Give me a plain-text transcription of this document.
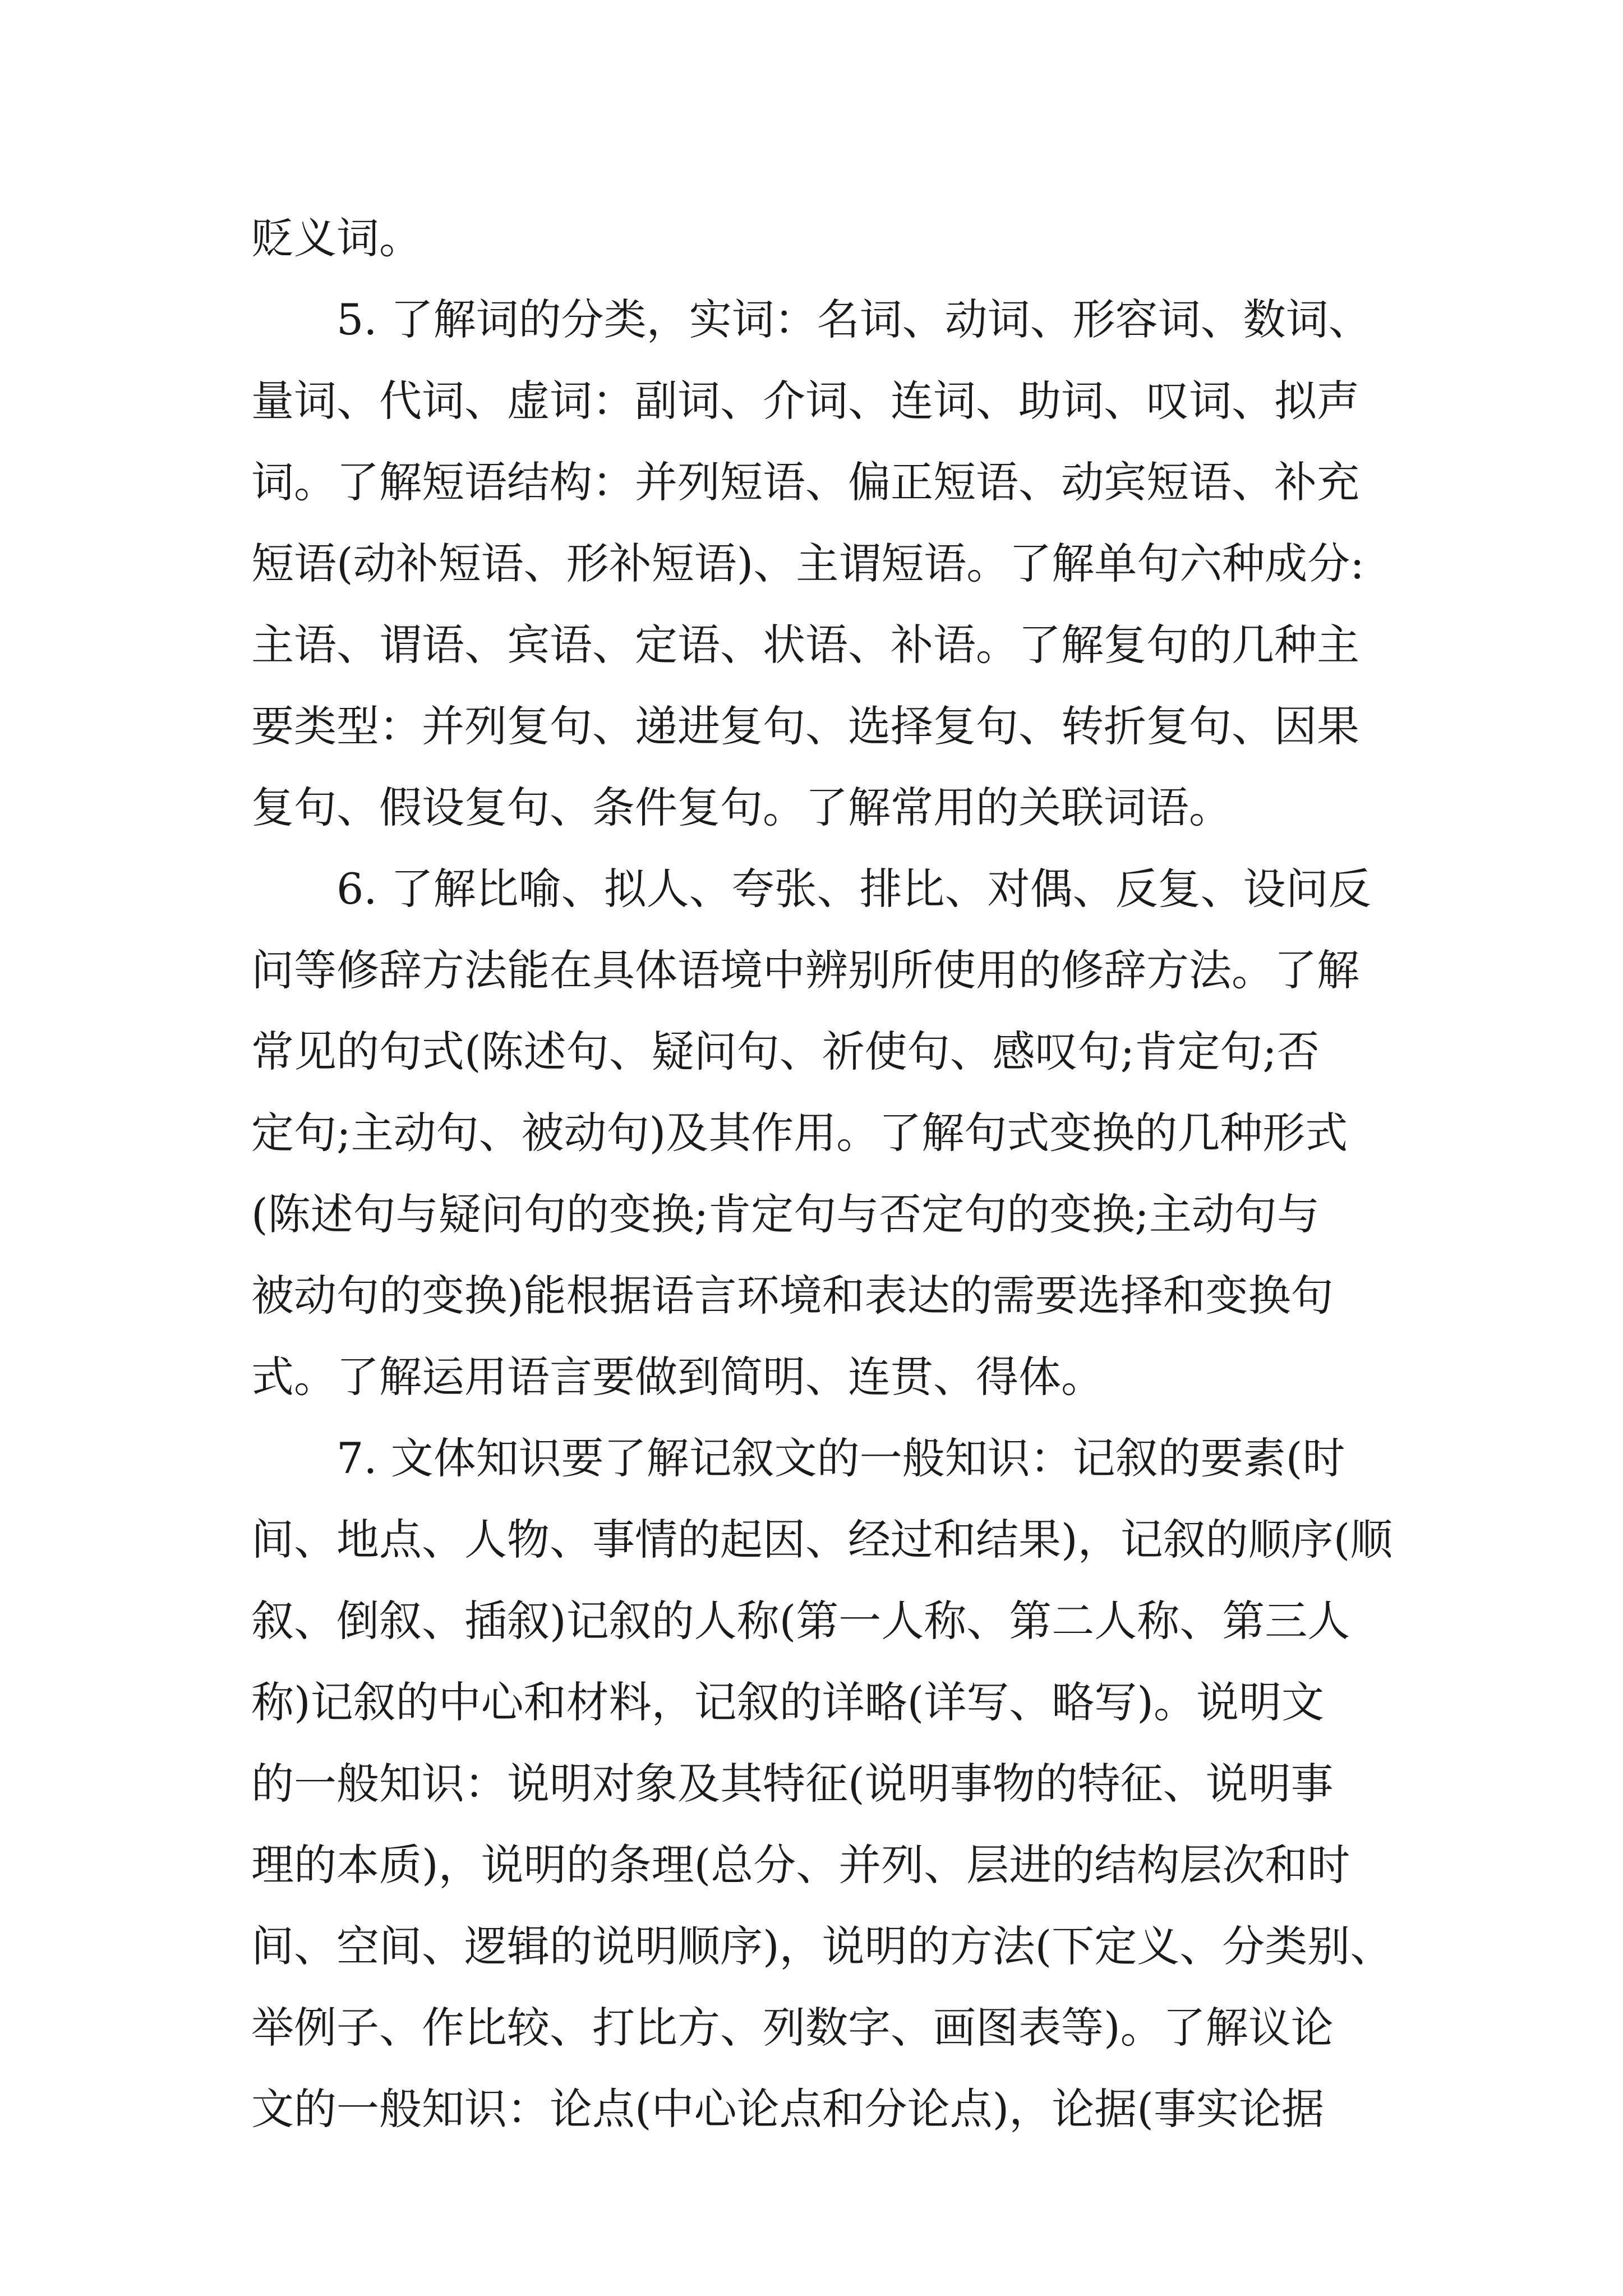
贬义词。
5. 了解词的分类，实词：名词、动词、形容词、数词、
量词、代词、虚词：副词、介词、连词、助词、叹词、拟声
词。了解短语结构：并列短语、偏正短语、动宾短语、补充
短语(动补短语、形补短语)、主谓短语。了解单句六种成分:
主语、谓语、宾语、定语、状语、补语。了解复句的几种主
要类型：并列复句、递进复句、选择复句、转折复句、因果
复句、假设复句、条件复句。了解常用的关联词语。
6. 了解比喻、拟人、夸张、排比、对偶、反复、设问反
问等修辞方法能在具体语境中辨别所使用的修辞方法。了解
常见的句式(陈述句、疑问句、祈使句、感叹句;肯定句;否
定句;主动句、被动句)及其作用。了解句式变换的几种形式
(陈述句与疑问句的变换;肯定句与否定句的变换;主动句与
被动句的变换)能根据语言环境和表达的需要选择和变换句
式。了解运用语言要做到简明、连贯、得体。
7. 文体知识要了解记叙文的一般知识：记叙的要素(时
间、地点、人物、事情的起因、经过和结果)，记叙的顺序(顺
叙、倒叙、插叙)记叙的人称(第一人称、第二人称、第三人
称)记叙的中心和材料，记叙的详略(详写、略写)。说明文
的一般知识：说明对象及其特征(说明事物的特征、说明事
理的本质)，说明的条理(总分、并列、层进的结构层次和时
间、空间、逻辑的说明顺序)，说明的方法(下定义、分类别、
举例子、作比较、打比方、列数字、画图表等)。了解议论
文的一般知识：论点(中心论点和分论点)，论据(事实论据
